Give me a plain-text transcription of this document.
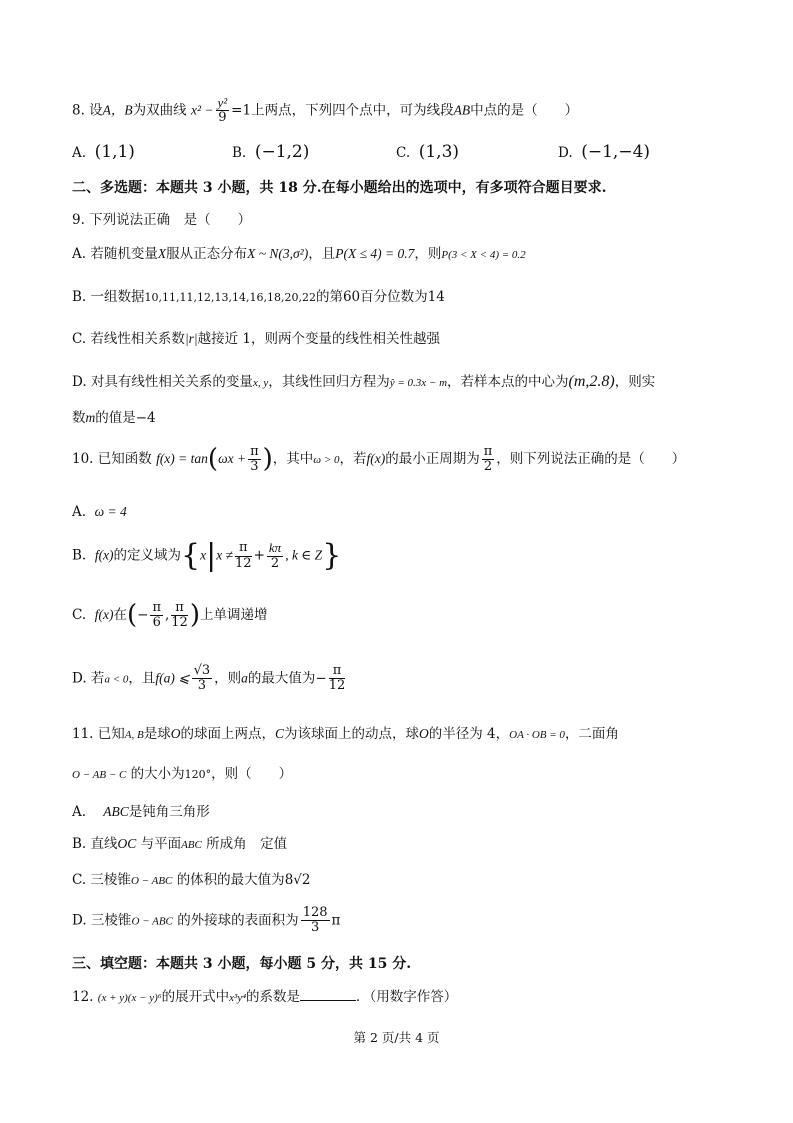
8. 设A，B为双曲线 $x^2 - \frac{\text{y²}}{9} =1$上两点，下列四个点中，可为线段AB中点的是（　　）
A. (1,1)	B. (−1,2)	C. (1,3)	D. (−1,−4)
二、多选题：本题共 3 小题，共 18 分.在每小题给出的选项中，有多项符合题目要求.
9. 下列说法正确　是（　　）
A. 若随机变量X服从正态分布X ~ N(3,σ²)，且P(X ≤ 4) = 0.7，则P(3 < X < 4) = 0.2
B. 一组数据10,11,11,12,13,14,16,18,20,22的第60百分位数为14
C. 若线性相关系数|r|越接近 1，则两个变量的线性相关性越强
D. 对具有线性相关关系的变量x, y，其线性回归方程为ŷ = 0.3x − m，若样本点的中心为(m,2.8)，则实
数m的值是−4
10. 已知函数 $f(x) = \tan(\omega x + \frac{\pi}{3}$ )，其中ω > 0，若f(x)的最小正周期为 $\frac{\pi}{2}$ ，则下列说法正确的是（　　）
A. ω = 4
B. f(x)的定义域为{$x|x \ne \frac{\pi}{12} + \frac{k\pi}{2}$ , k ∈ Z}
C. f(x)在(− $\frac{\pi}{6}$ , $\frac{\pi}{12}$ )上单调递增
D. 若a < 0，且f(a) ⩽ $\frac{√3}{3}$ ，则a的最大值为− $\frac{\pi}{12}$
11. 已知A, B是球O的球面上两点，C为该球面上的动点，球O的半径为 4，OA · OB = 0，二面角
O − AB − C 的大小为120°，则（　　）
A. ABC是钝角三角形
B. 直线OC 与平面ABC 所成角　定值
C. 三棱锥O − ABC 的体积的最大值为8√2
D. 三棱锥O − ABC 的外接球的表面积为 $\frac{128}{3}$ π
三、填空题：本题共 3 小题，每小题 5 分，共 15 分.
12. (x + y)(x − y)⁶的展开式中x³y⁴的系数是	．（用数字作答）
第 2 页/共 4 页
